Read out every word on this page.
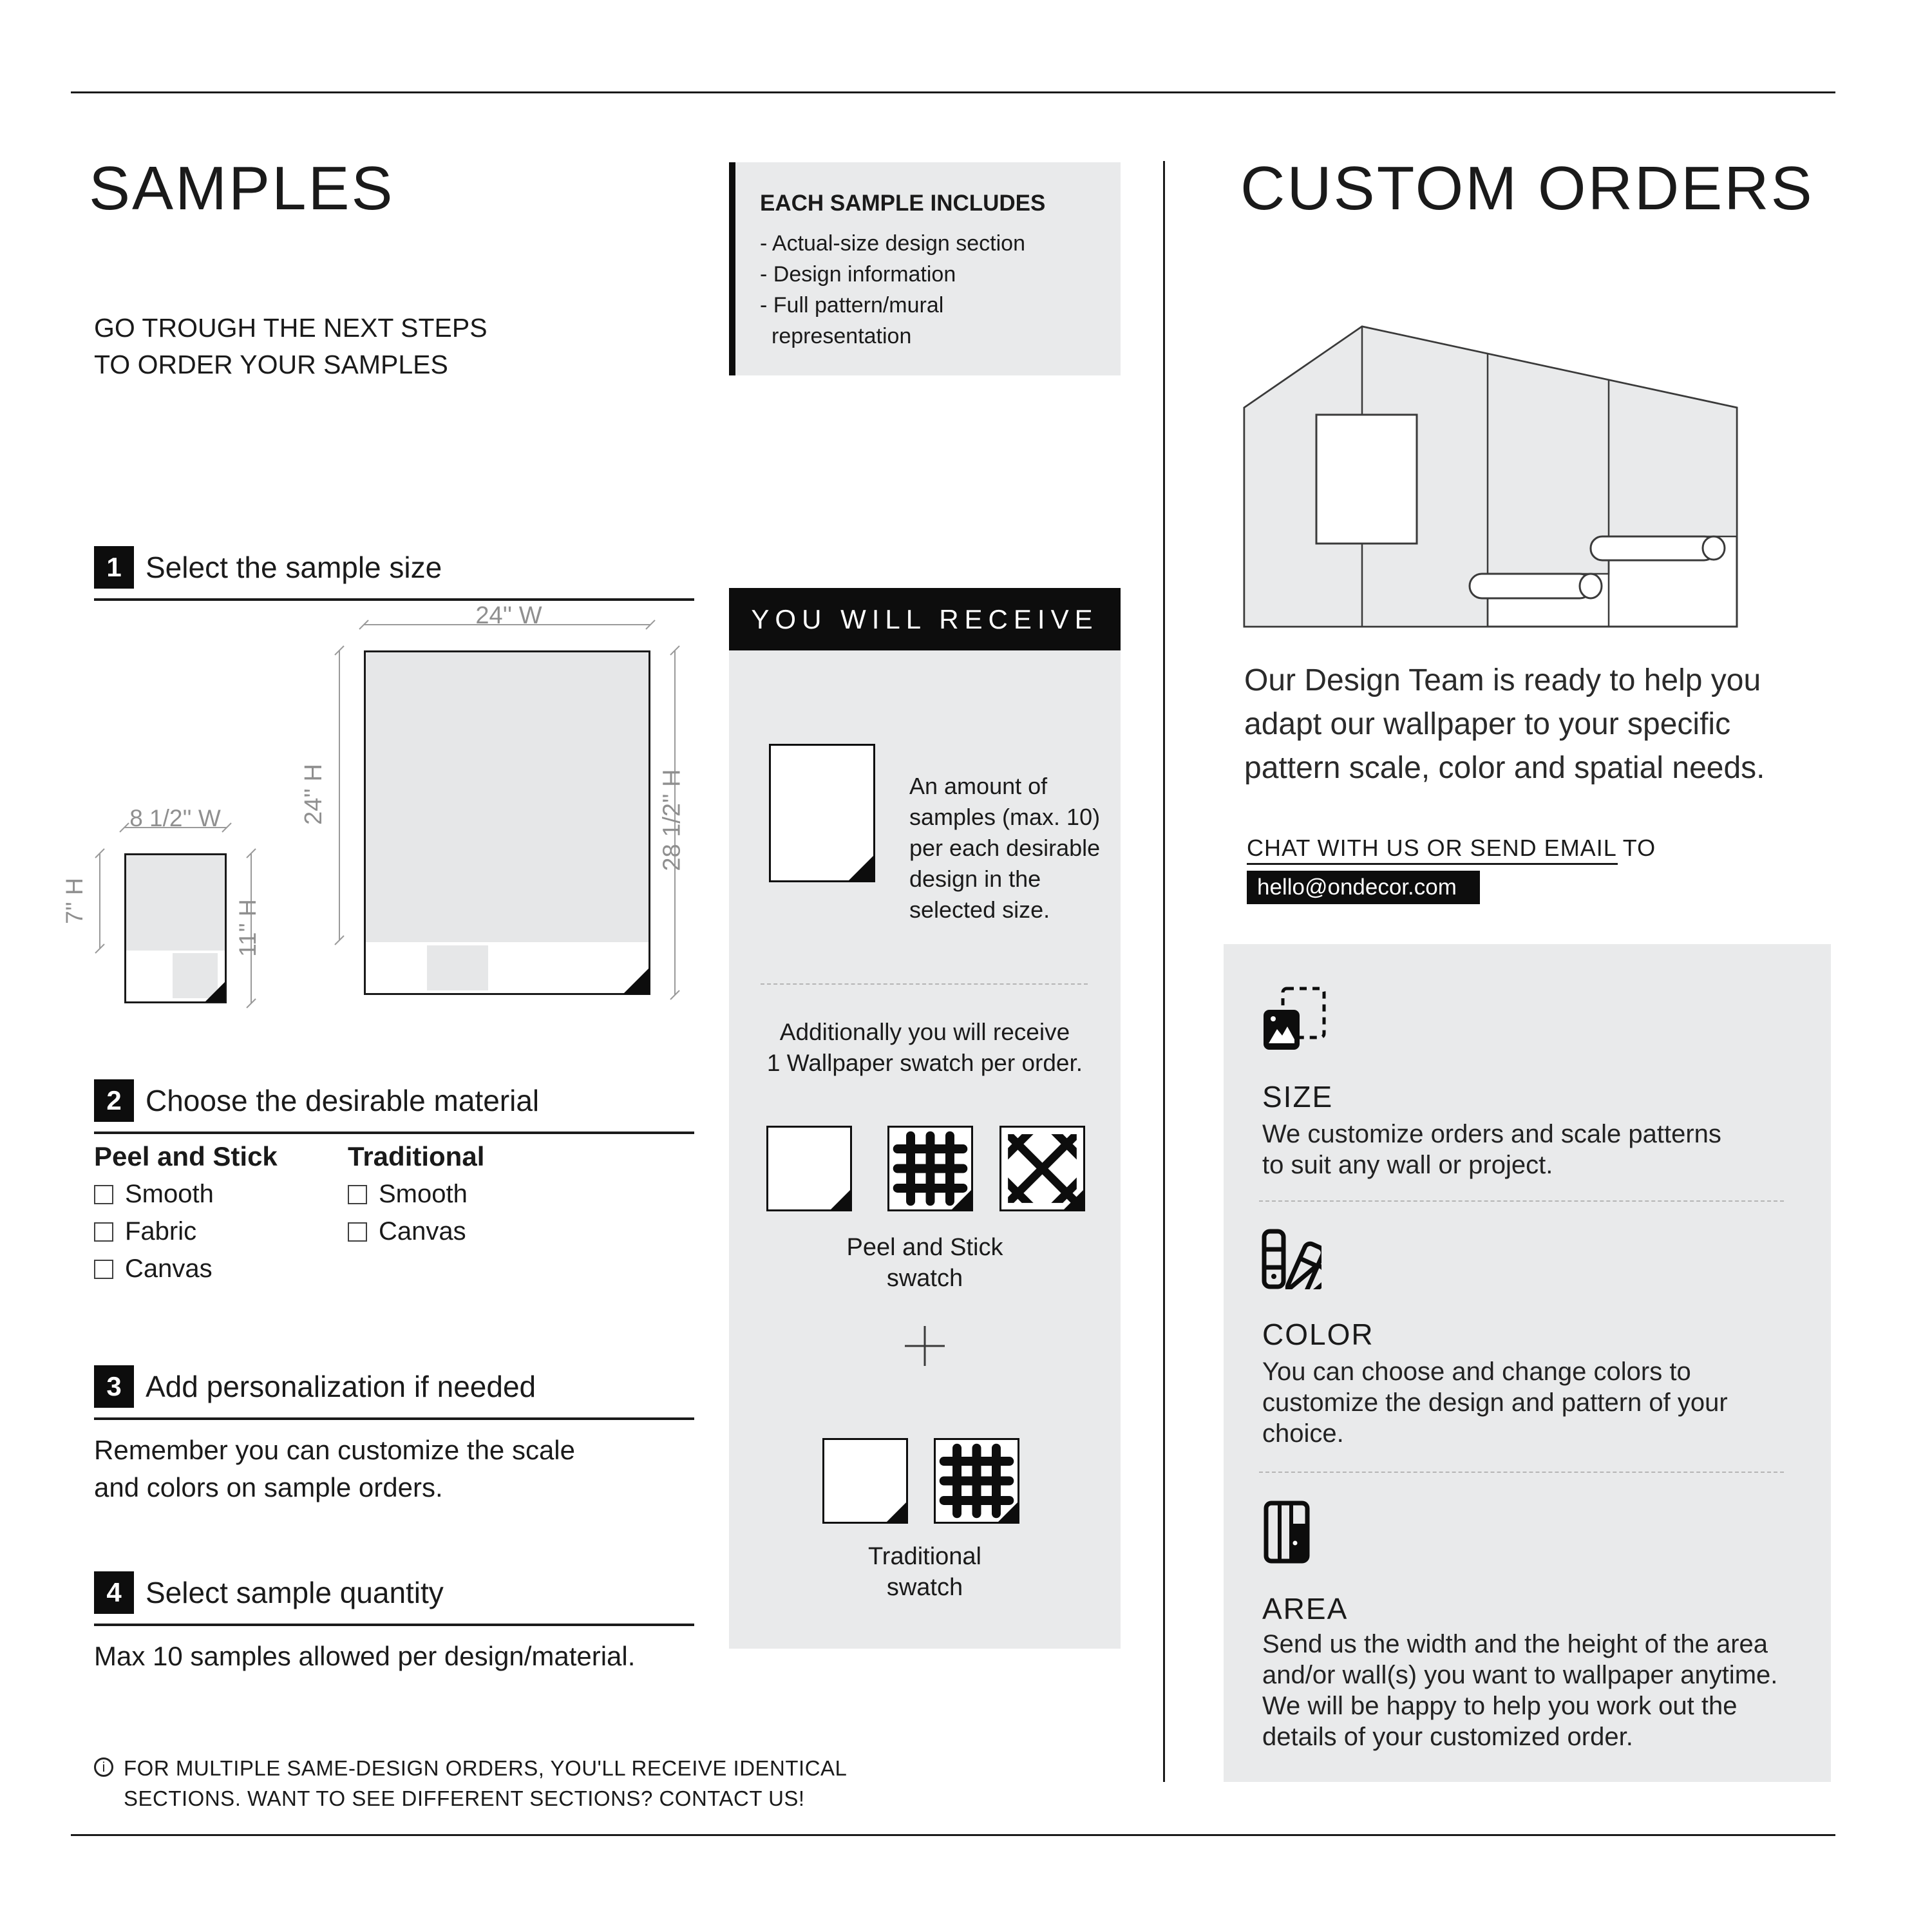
SAMPLES
GO TROUGH THE NEXT STEPS
TO ORDER YOUR SAMPLES
EACH SAMPLE INCLUDES
- Actual-size design section
- Design information
- Full pattern/mural representation
1 Select the sample size
24'' W
24'' H	28 1/2'' H
8 1/2'' W
7'' H	11'' H
2 Choose the desirable material
Peel and Stick	Traditional
Smooth
Fabric
Canvas
Smooth
Canvas
3 Add personalization if needed
Remember you can customize the scale
and colors on sample orders.
4 Select sample quantity
Max 10 samples allowed per design/material.
i FOR MULTIPLE SAME-DESIGN ORDERS, YOU'LL RECEIVE IDENTICAL
SECTIONS. WANT TO SEE DIFFERENT SECTIONS? CONTACT US!
YOU WILL RECEIVE
An amount of
samples (max. 10)
per each desirable
design in the
selected size.
Additionally you will receive
1 Wallpaper swatch per order.
Peel and Stick
swatch
Traditional
swatch
CUSTOM ORDERS
Our Design Team is ready to help you
adapt our wallpaper to your specific
pattern scale, color and spatial needs.
CHAT WITH US OR SEND EMAIL TO
hello@ondecor.com
SIZE
We customize orders and scale patterns
to suit any wall or project.
COLOR
You can choose and change colors to
customize the design and pattern of your
choice.
AREA
Send us the width and the height of the area
and/or wall(s) you want to wallpaper anytime.
We will be happy to help you work out the
details of your customized order.
